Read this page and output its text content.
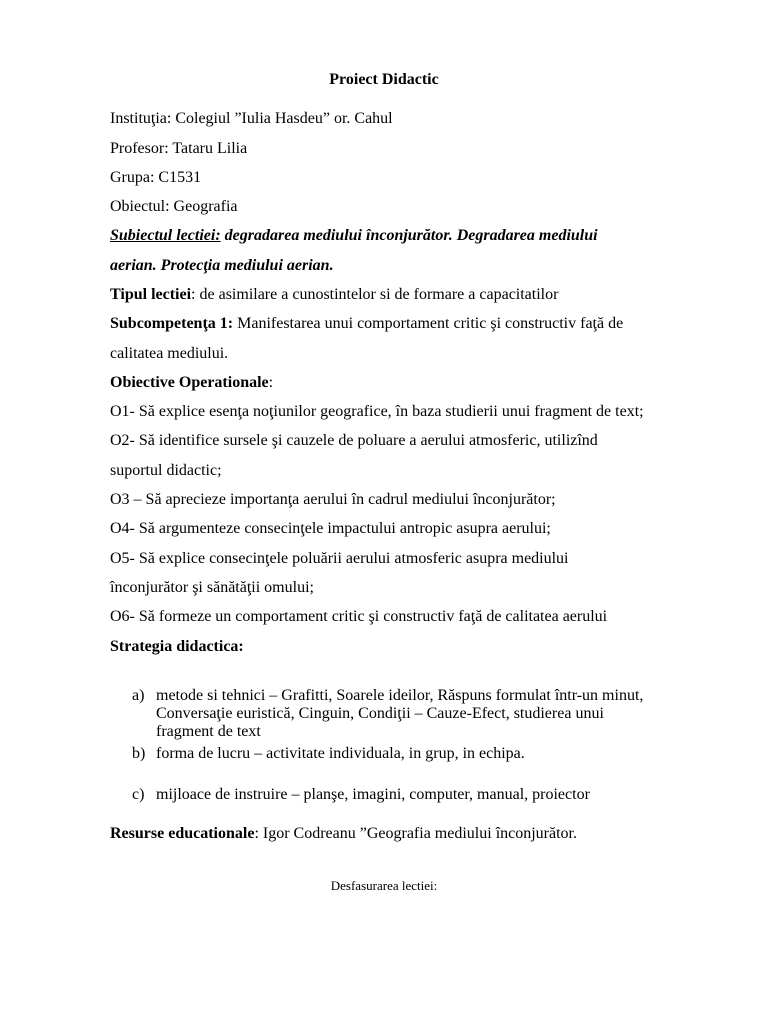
Proiect Didactic
Instituţia: Colegiul ”Iulia Hasdeu” or. Cahul
Profesor: Tataru Lilia
Grupa: C1531
Obiectul: Geografia
Subiectul lectiei: degradarea mediului înconjurător. Degradarea mediului
aerian. Protecţia mediului aerian.
Tipul lectiei: de asimilare a cunostintelor si de formare a capacitatilor
Subcompetenţa 1: Manifestarea unui comportament critic şi constructiv faţă de
calitatea mediului.
Obiective Operationale:
O1- Să explice esenţa noţiunilor geografice, în baza studierii unui fragment de text;
O2- Să identifice sursele şi cauzele de poluare a aerului atmosferic, utilizînd
suportul didactic;
O3 – Să aprecieze importanţa aerului în cadrul mediului înconjurător;
O4- Să argumenteze consecinţele impactului antropic asupra aerului;
O5- Să explice consecinţele poluării aerului atmosferic asupra mediului
înconjurător şi sănătăţii omului;
O6- Să formeze un comportament critic şi constructiv faţă de calitatea aerului
Strategia didactica:
a) metode si tehnici – Grafitti, Soarele ideilor, Răspuns formulat într-un minut,
Conversaţie euristică, Cinguin, Condiţii – Cauze-Efect, studierea unui
fragment de text
b) forma de lucru – activitate individuala, in grup, in echipa.
c) mijloace de instruire – planşe, imagini, computer, manual, proiector
Resurse educationale: Igor Codreanu ”Geografia mediului înconjurător.
Desfasurarea lectiei:
